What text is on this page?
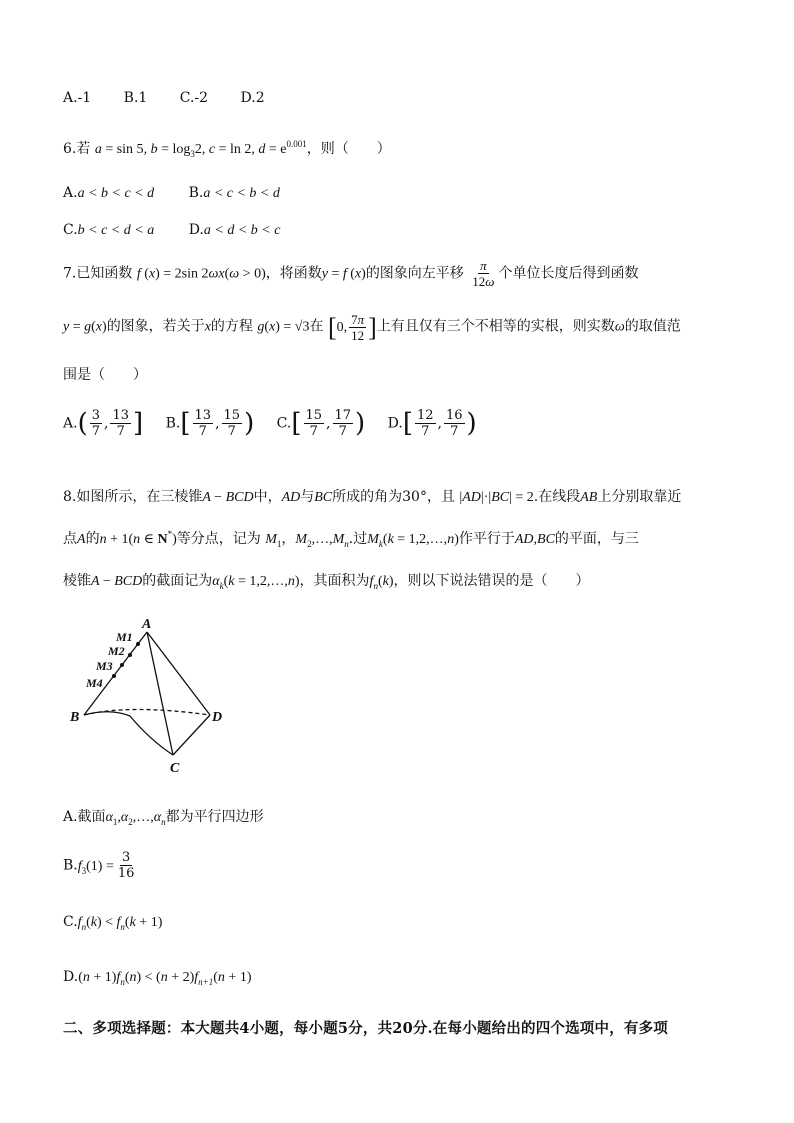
A.-1 B.1 C.-2 D.2
6.若 a = sin 5, $b = \log_32$, c = ln 2, $d = e^{0.001}$，则（　　）
A.a < b < c < d B.a < c < b < d
C.b < c < d < a D.a < d < b < c
7.已知函数 f (x) = 2sin 2ωx(ω > 0)，将函数y = f (x)的图象向左平移 $\frac{\pi}{12\omega}$ 个单位长度后得到函数
y = g(x)的图象，若关于x的方程 g(x) = √3在 [0, $\frac{7\pi}{12}$ ]上有且仅有三个不相等的实根，则实数ω的取值范
围是（　　）
$A.( \frac{3}{7}$ , $\frac{13}{7}$ ] $B.[ \frac{13}{7}$ , $\frac{15}{7}$ ) $C.[ \frac{15}{7}$ , $\frac{17}{7}$ ) $D.[ \frac{12}{7}$ , $\frac{16}{7}$ )
8.如图所示，在三棱锥A − BCD中，AD与BC所成的角为30°，且 |AD|·|BC| = 2.在线段AB上分别取靠近
点A的n + 1(n ∈ N*)等分点，记为 $M_1$，$M_2,\dots,M_n$.过$M_k(k$ = 1,2,…,n)作平行于AD,BC的平面，与三
棱锥A − BCD的截面记为$\alpha_k(k$ = 1,2,…,n)，其面积为$f_n(k)$，则以下说法错误的是（　　）
A
B
C
D
M1
M2
M3
M4
A.截面$\alpha_1,\alpha_2,\dots,\alpha_n$都为平行四边形
$B.f_3(1) = \frac{3}{16}$
$C.f_n(k) < f_n(k + 1)$
$D.(n + 1)f_n(n) < (n + 2)f_{n+1}(n + 1)$
二、多项选择题：本大题共4小题，每小题5分，共20分.在每小题给出的四个选项中，有多项
